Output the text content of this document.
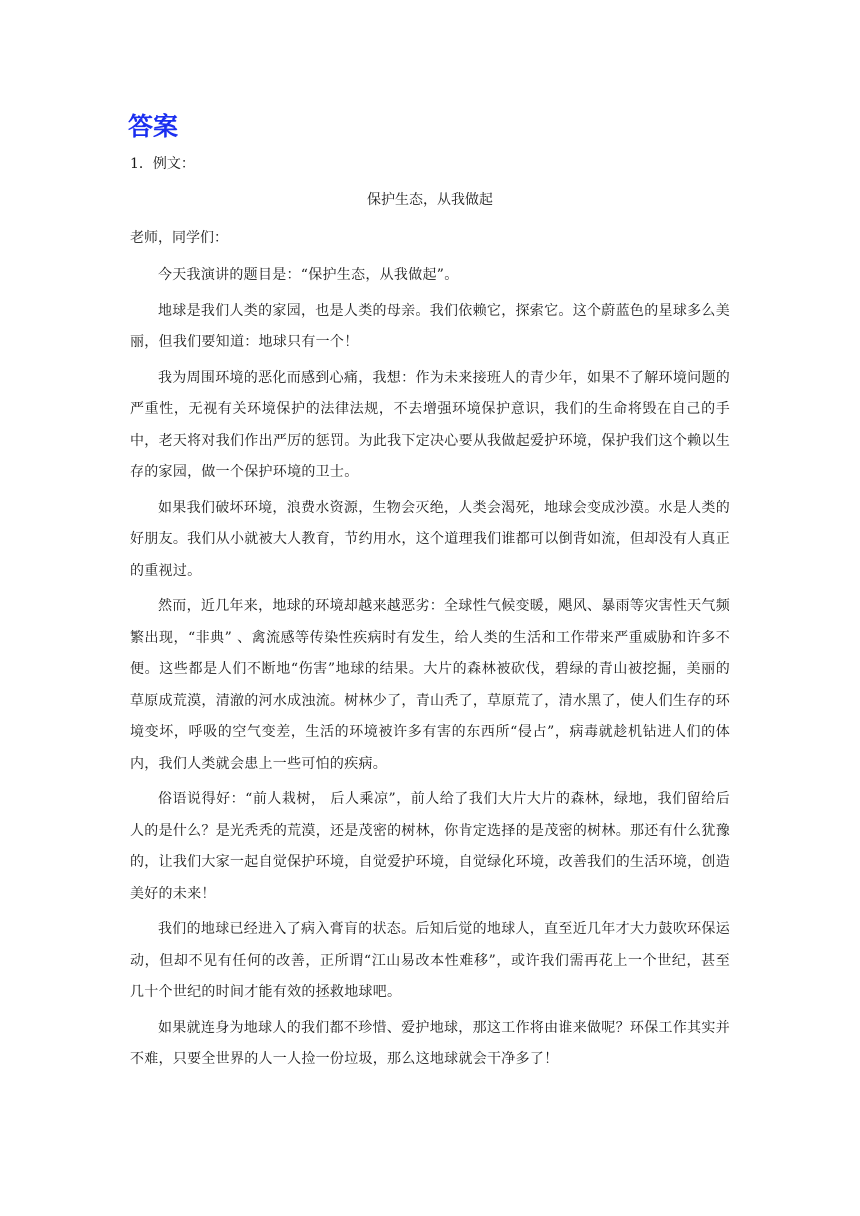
答案
1．例文：
保护生态，从我做起
老师，同学们：

今天我演讲的题目是：“保护生态，从我做起”。

地球是我们人类的家园，也是人类的母亲。我们依赖它，探索它。这个蔚蓝色的星球多么美丽，但我们要知道：地球只有一个！

我为周围环境的恶化而感到心痛，我想：作为未来接班人的青少年，如果不了解环境问题的严重性，无视有关环境保护的法律法规，不去增强环境保护意识，我们的生命将毁在自己的手中，老天将对我们作出严厉的惩罚。为此我下定决心要从我做起爱护环境，保护我们这个赖以生存的家园，做一个保护环境的卫士。

如果我们破坏环境，浪费水资源，生物会灭绝，人类会渴死，地球会变成沙漠。水是人类的好朋友。我们从小就被大人教育，节约用水，这个道理我们谁都可以倒背如流，但却没有人真正的重视过。

然而，近几年来，地球的环境却越来越恶劣：全球性气候变暖，飓风、暴雨等灾害性天气频繁出现，“非典” 、禽流感等传染性疾病时有发生，给人类的生活和工作带来严重威胁和许多不便。这些都是人们不断地“伤害”地球的结果。大片的森林被砍伐，碧绿的青山被挖掘，美丽的草原成荒漠，清澈的河水成浊流。树林少了，青山秃了，草原荒了，清水黑了，使人们生存的环境变坏，呼吸的空气变差，生活的环境被许多有害的东西所“侵占”，病毒就趁机钻进人们的体内，我们人类就会患上一些可怕的疾病。

俗语说得好：“前人栽树， 后人乘凉”，前人给了我们大片大片的森林，绿地，我们留给后人的是什么？是光秃秃的荒漠，还是茂密的树林，你肯定选择的是茂密的树林。那还有什么犹豫的，让我们大家一起自觉保护环境，自觉爱护环境，自觉绿化环境，改善我们的生活环境，创造美好的未来！

我们的地球已经进入了病入膏肓的状态。后知后觉的地球人，直至近几年才大力鼓吹环保运动，但却不见有任何的改善，正所谓“江山易改本性难移”，或许我们需再花上一个世纪，甚至几十个世纪的时间才能有效的拯救地球吧。

如果就连身为地球人的我们都不珍惜、爱护地球，那这工作将由谁来做呢？环保工作其实并不难，只要全世界的人一人捡一份垃圾，那么这地球就会干净多了！
